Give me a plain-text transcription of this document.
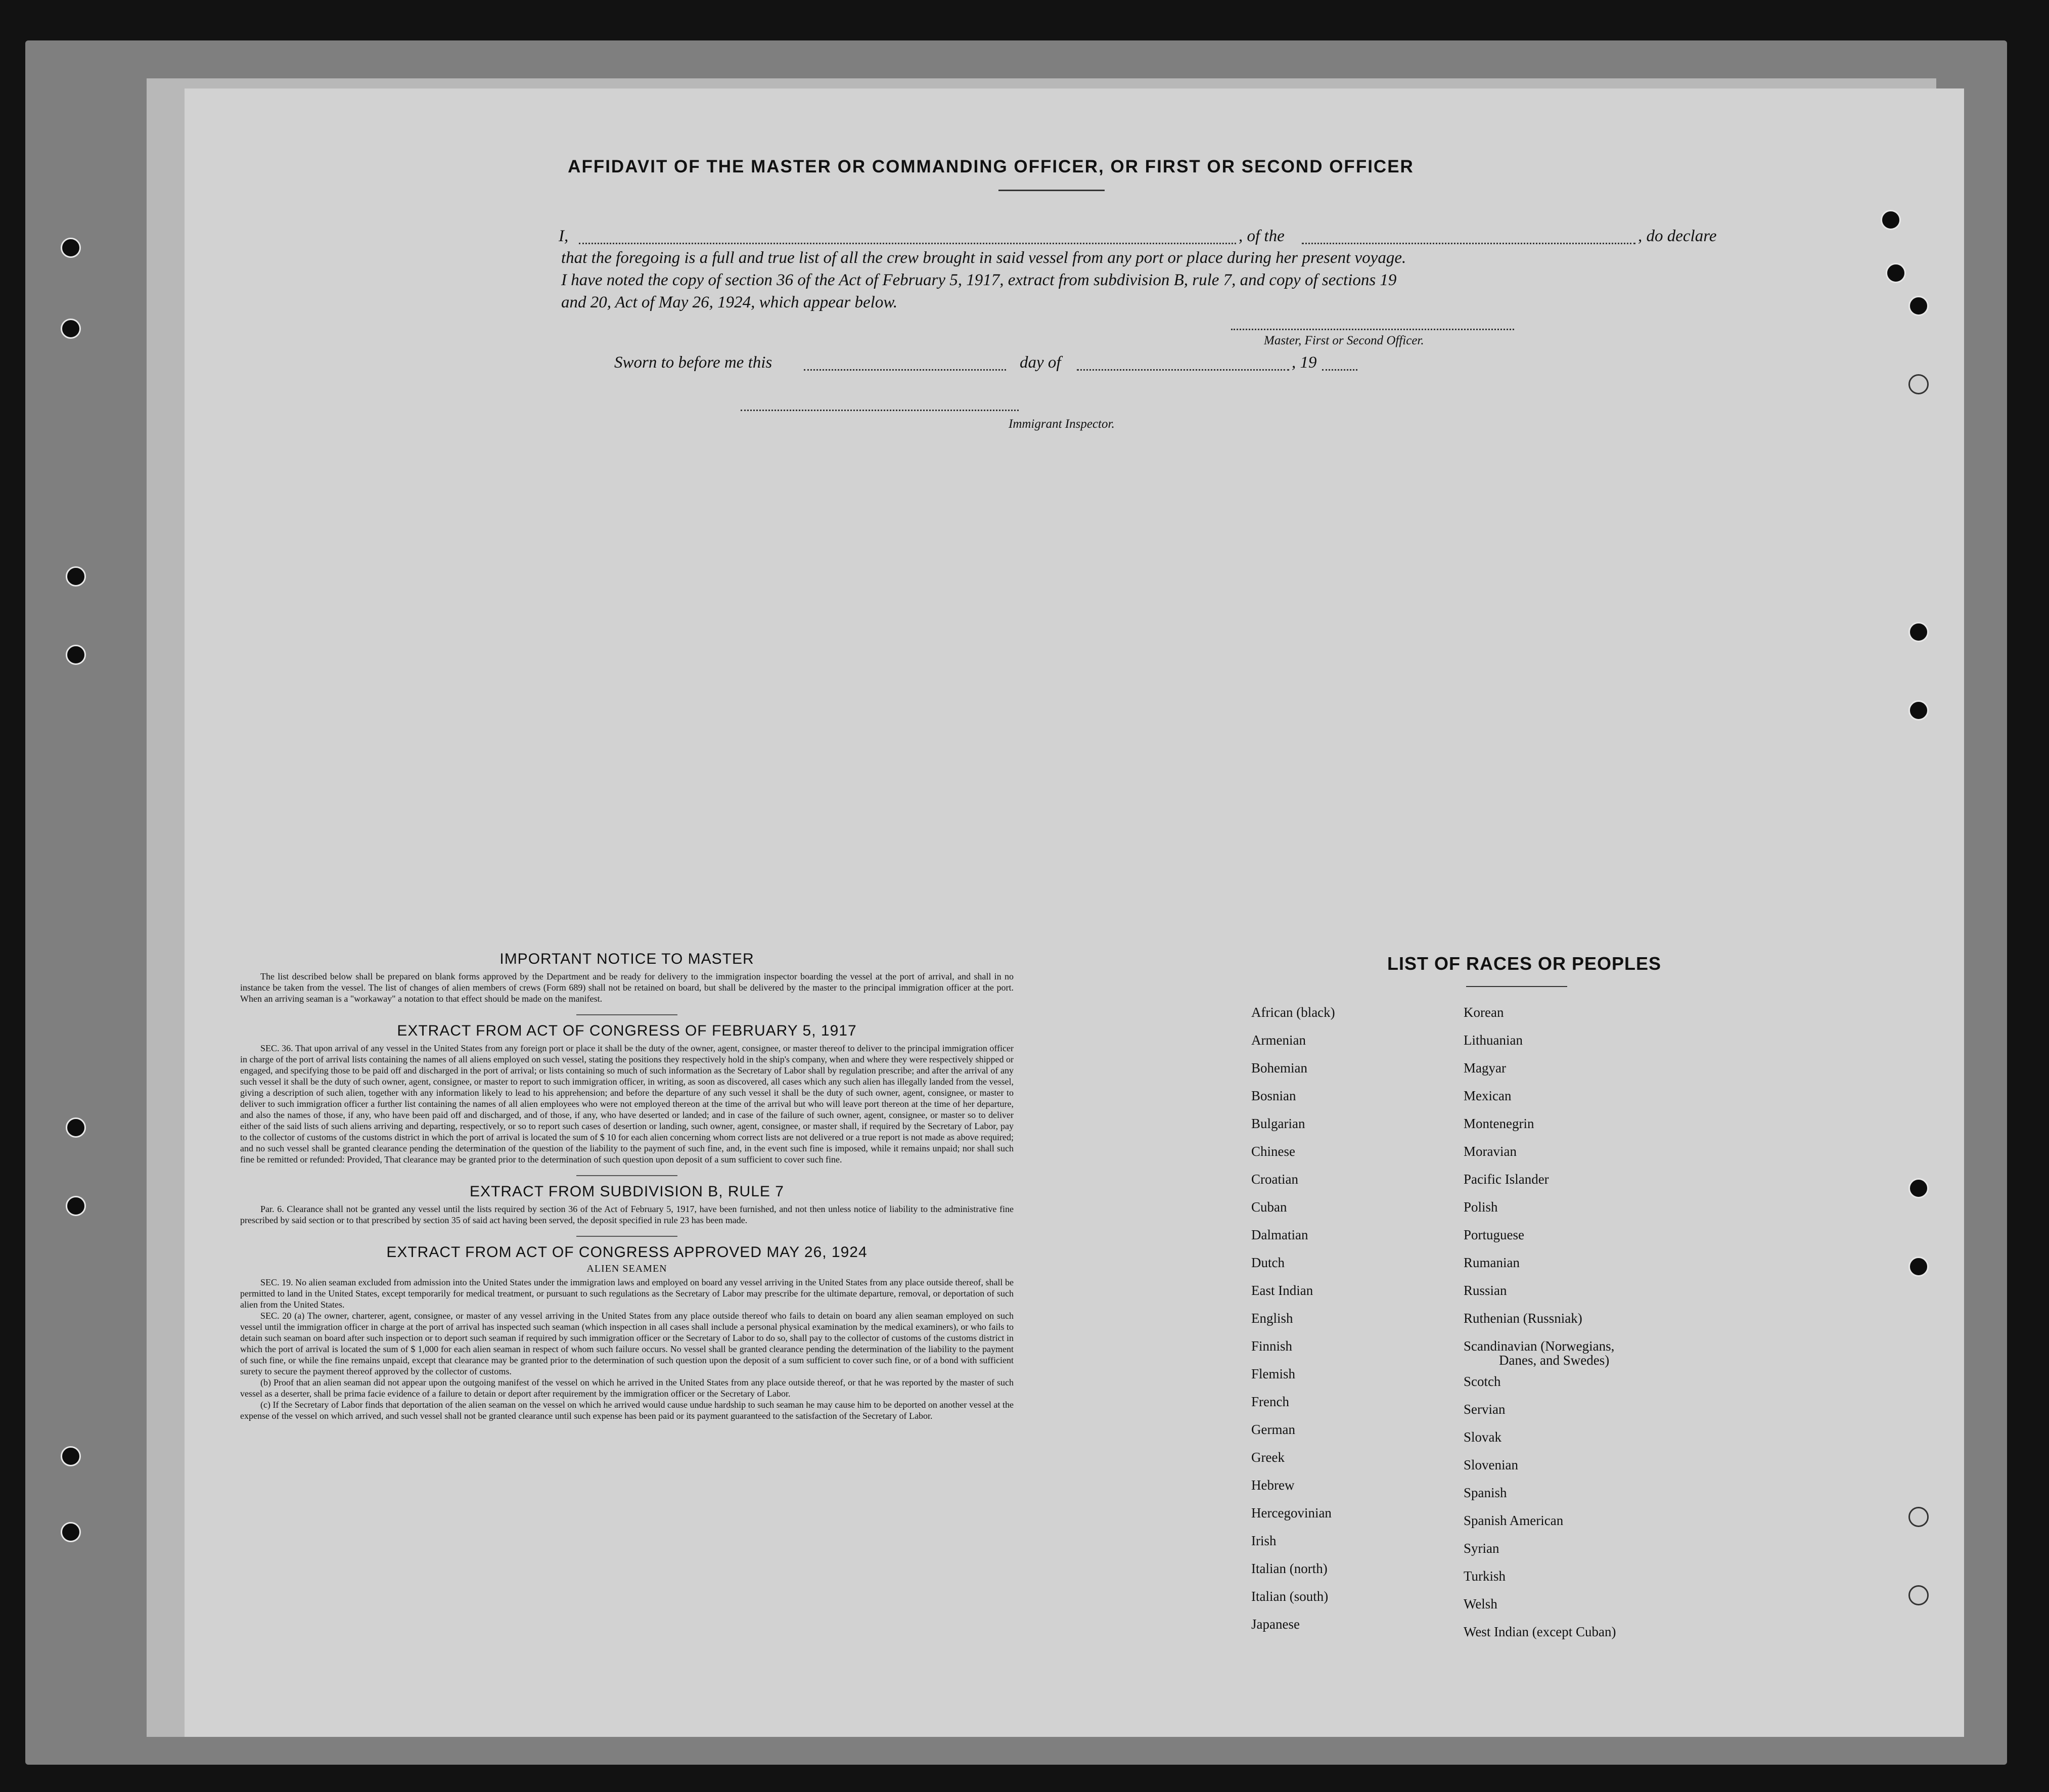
AFFIDAVIT OF THE MASTER OR COMMANDING OFFICER, OR FIRST OR SECOND OFFICER
I,	, of the	, do declare
that the foregoing is a full and true list of all the crew brought in said vessel from any port or place during her present voyage.
I have noted the copy of section 36 of the Act of February 5, 1917, extract from subdivision B, rule 7, and copy of sections 19
and 20, Act of May 26, 1924, which appear below.
Master, First or Second Officer.
Sworn to before me this	day of	, 19
Immigrant Inspector.
IMPORTANT NOTICE TO MASTER

The list described below shall be prepared on blank forms approved by the Department and be ready for delivery to the immigration inspector boarding the vessel at the port of arrival, and shall in no instance be taken from the vessel. The list of changes of alien members of crews (Form 689) shall not be retained on board, but shall be delivered by the master to the principal immigration officer at the port. When an arriving seaman is a "workaway" a notation to that effect should be made on the manifest.

EXTRACT FROM ACT OF CONGRESS OF FEBRUARY 5, 1917

SEC. 36. That upon arrival of any vessel in the United States from any foreign port or place it shall be the duty of the owner, agent, consignee, or master thereof to deliver to the principal immigration officer in charge of the port of arrival lists containing the names of all aliens employed on such vessel, stating the positions they respectively hold in the ship's company, when and where they were respectively shipped or engaged, and specifying those to be paid off and discharged in the port of arrival; or lists containing so much of such information as the Secretary of Labor shall by regulation prescribe; and after the arrival of any such vessel it shall be the duty of such owner, agent, consignee, or master to report to such immigration officer, in writing, as soon as discovered, all cases which any such alien has illegally landed from the vessel, giving a description of such alien, together with any information likely to lead to his apprehension; and before the departure of any such vessel it shall be the duty of such owner, agent, consignee, or master to deliver to such immigration officer a further list containing the names of all alien employees who were not employed thereon at the time of the arrival but who will leave port thereon at the time of her departure, and also the names of those, if any, who have been paid off and discharged, and of those, if any, who have deserted or landed; and in case of the failure of such owner, agent, consignee, or master so to deliver either of the said lists of such aliens arriving and departing, respectively, or so to report such cases of desertion or landing, such owner, agent, consignee, or master shall, if required by the Secretary of Labor, pay to the collector of customs of the customs district in which the port of arrival is located the sum of $ 10 for each alien concerning whom correct lists are not delivered or a true report is not made as above required; and no such vessel shall be granted clearance pending the determination of the question of the liability to the payment of such fine, and, in the event such fine is imposed, while it remains unpaid; nor shall such fine be remitted or refunded: Provided, That clearance may be granted prior to the determination of such question upon deposit of a sum sufficient to cover such fine.

EXTRACT FROM SUBDIVISION B, RULE 7

Par. 6. Clearance shall not be granted any vessel until the lists required by section 36 of the Act of February 5, 1917, have been furnished, and not then unless notice of liability to the administrative fine prescribed by said section or to that prescribed by section 35 of said act having been served, the deposit specified in rule 23 has been made.

EXTRACT FROM ACT OF CONGRESS APPROVED MAY 26, 1924
ALIEN SEAMEN

SEC. 19. No alien seaman excluded from admission into the United States under the immigration laws and employed on board any vessel arriving in the United States from any place outside thereof, shall be permitted to land in the United States, except temporarily for medical treatment, or pursuant to such regulations as the Secretary of Labor may prescribe for the ultimate departure, removal, or deportation of such alien from the United States.

SEC. 20 (a) The owner, charterer, agent, consignee, or master of any vessel arriving in the United States from any place outside thereof who fails to detain on board any alien seaman employed on such vessel until the immigration officer in charge at the port of arrival has inspected such seaman (which inspection in all cases shall include a personal physical examination by the medical examiners), or who fails to detain such seaman on board after such inspection or to deport such seaman if required by such immigration officer or the Secretary of Labor to do so, shall pay to the collector of customs of the customs district in which the port of arrival is located the sum of $ 1,000 for each alien seaman in respect of whom such failure occurs. No vessel shall be granted clearance pending the determination of the liability to the payment of such fine, or while the fine remains unpaid, except that clearance may be granted prior to the determination of such question upon the deposit of a sum sufficient to cover such fine, or of a bond with sufficient surety to secure the payment thereof approved by the collector of customs.

(b) Proof that an alien seaman did not appear upon the outgoing manifest of the vessel on which he arrived in the United States from any place outside thereof, or that he was reported by the master of such vessel as a deserter, shall be prima facie evidence of a failure to detain or deport after requirement by the immigration officer or the Secretary of Labor.

(c) If the Secretary of Labor finds that deportation of the alien seaman on the vessel on which he arrived would cause undue hardship to such seaman he may cause him to be deported on another vessel at the expense of the vessel on which arrived, and such vessel shall not be granted clearance until such expense has been paid or its payment guaranteed to the satisfaction of the Secretary of Labor.

LIST OF RACES OR PEOPLES
African (black)
Armenian
Bohemian
Bosnian
Bulgarian
Chinese
Croatian
Cuban
Dalmatian
Dutch
East Indian
English
Finnish
Flemish
French
German
Greek
Hebrew
Hercegovinian
Irish
Italian (north)
Italian (south)
Japanese
Korean
Lithuanian
Magyar
Mexican
Montenegrin
Moravian
Pacific Islander
Polish
Portuguese
Rumanian
Russian
Ruthenian (Russniak)
Scandinavian (Norwegians,
Danes, and Swedes)
Scotch
Servian
Slovak
Slovenian
Spanish
Spanish American
Syrian
Turkish
Welsh
West Indian (except Cuban)
